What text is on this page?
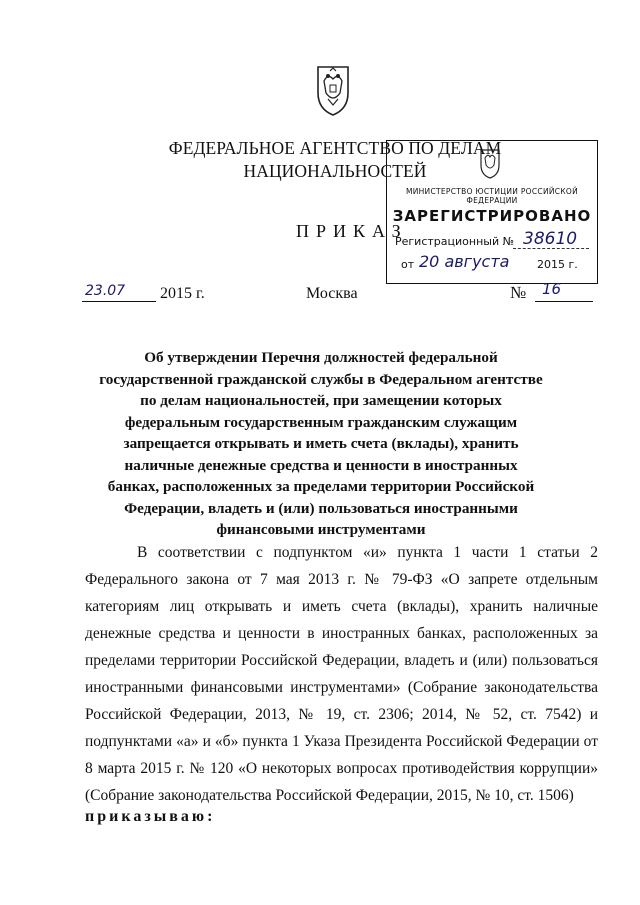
ФЕДЕРАЛЬНОЕ АГЕНТСТВО ПО ДЕЛАМ
НАЦИОНАЛЬНОСТЕЙ
ПРИКАЗ
МИНИСТЕРСТВО ЮСТИЦИИ РОССИЙСКОЙ ФЕДЕРАЦИИ
ЗАРЕГИСТРИРОВАНО
Регистрационный № 38610
от 20 августа	2015 г.
23.07 2015 г.	Москва	№ 16
Об утверждении Перечня должностей федеральной государственной гражданской службы в Федеральном агентстве по делам национальностей, при замещении которых федеральным государственным гражданским служащим запрещается открывать и иметь счета (вклады), хранить наличные денежные средства и ценности в иностранных банках, расположенных за пределами территории Российской Федерации, владеть и (или) пользоваться иностранными финансовыми инструментами
В соответствии с подпунктом «и» пункта 1 части 1 статьи 2 Федерального закона от 7 мая 2013 г. № 79-ФЗ «О запрете отдельным категориям лиц открывать и иметь счета (вклады), хранить наличные денежные средства и ценности в иностранных банках, расположенных за пределами территории Российской Федерации, владеть и (или) пользоваться иностранными финансовыми инструментами» (Собрание законодательства Российской Федерации, 2013, № 19, ст. 2306; 2014, № 52, ст. 7542) и подпунктами «а» и «б» пункта 1 Указа Президента Российской Федерации от 8 марта 2015 г. № 120 «О некоторых вопросах противодействия коррупции» (Собрание законодательства Российской Федерации, 2015, № 10, ст. 1506)
приказываю:
